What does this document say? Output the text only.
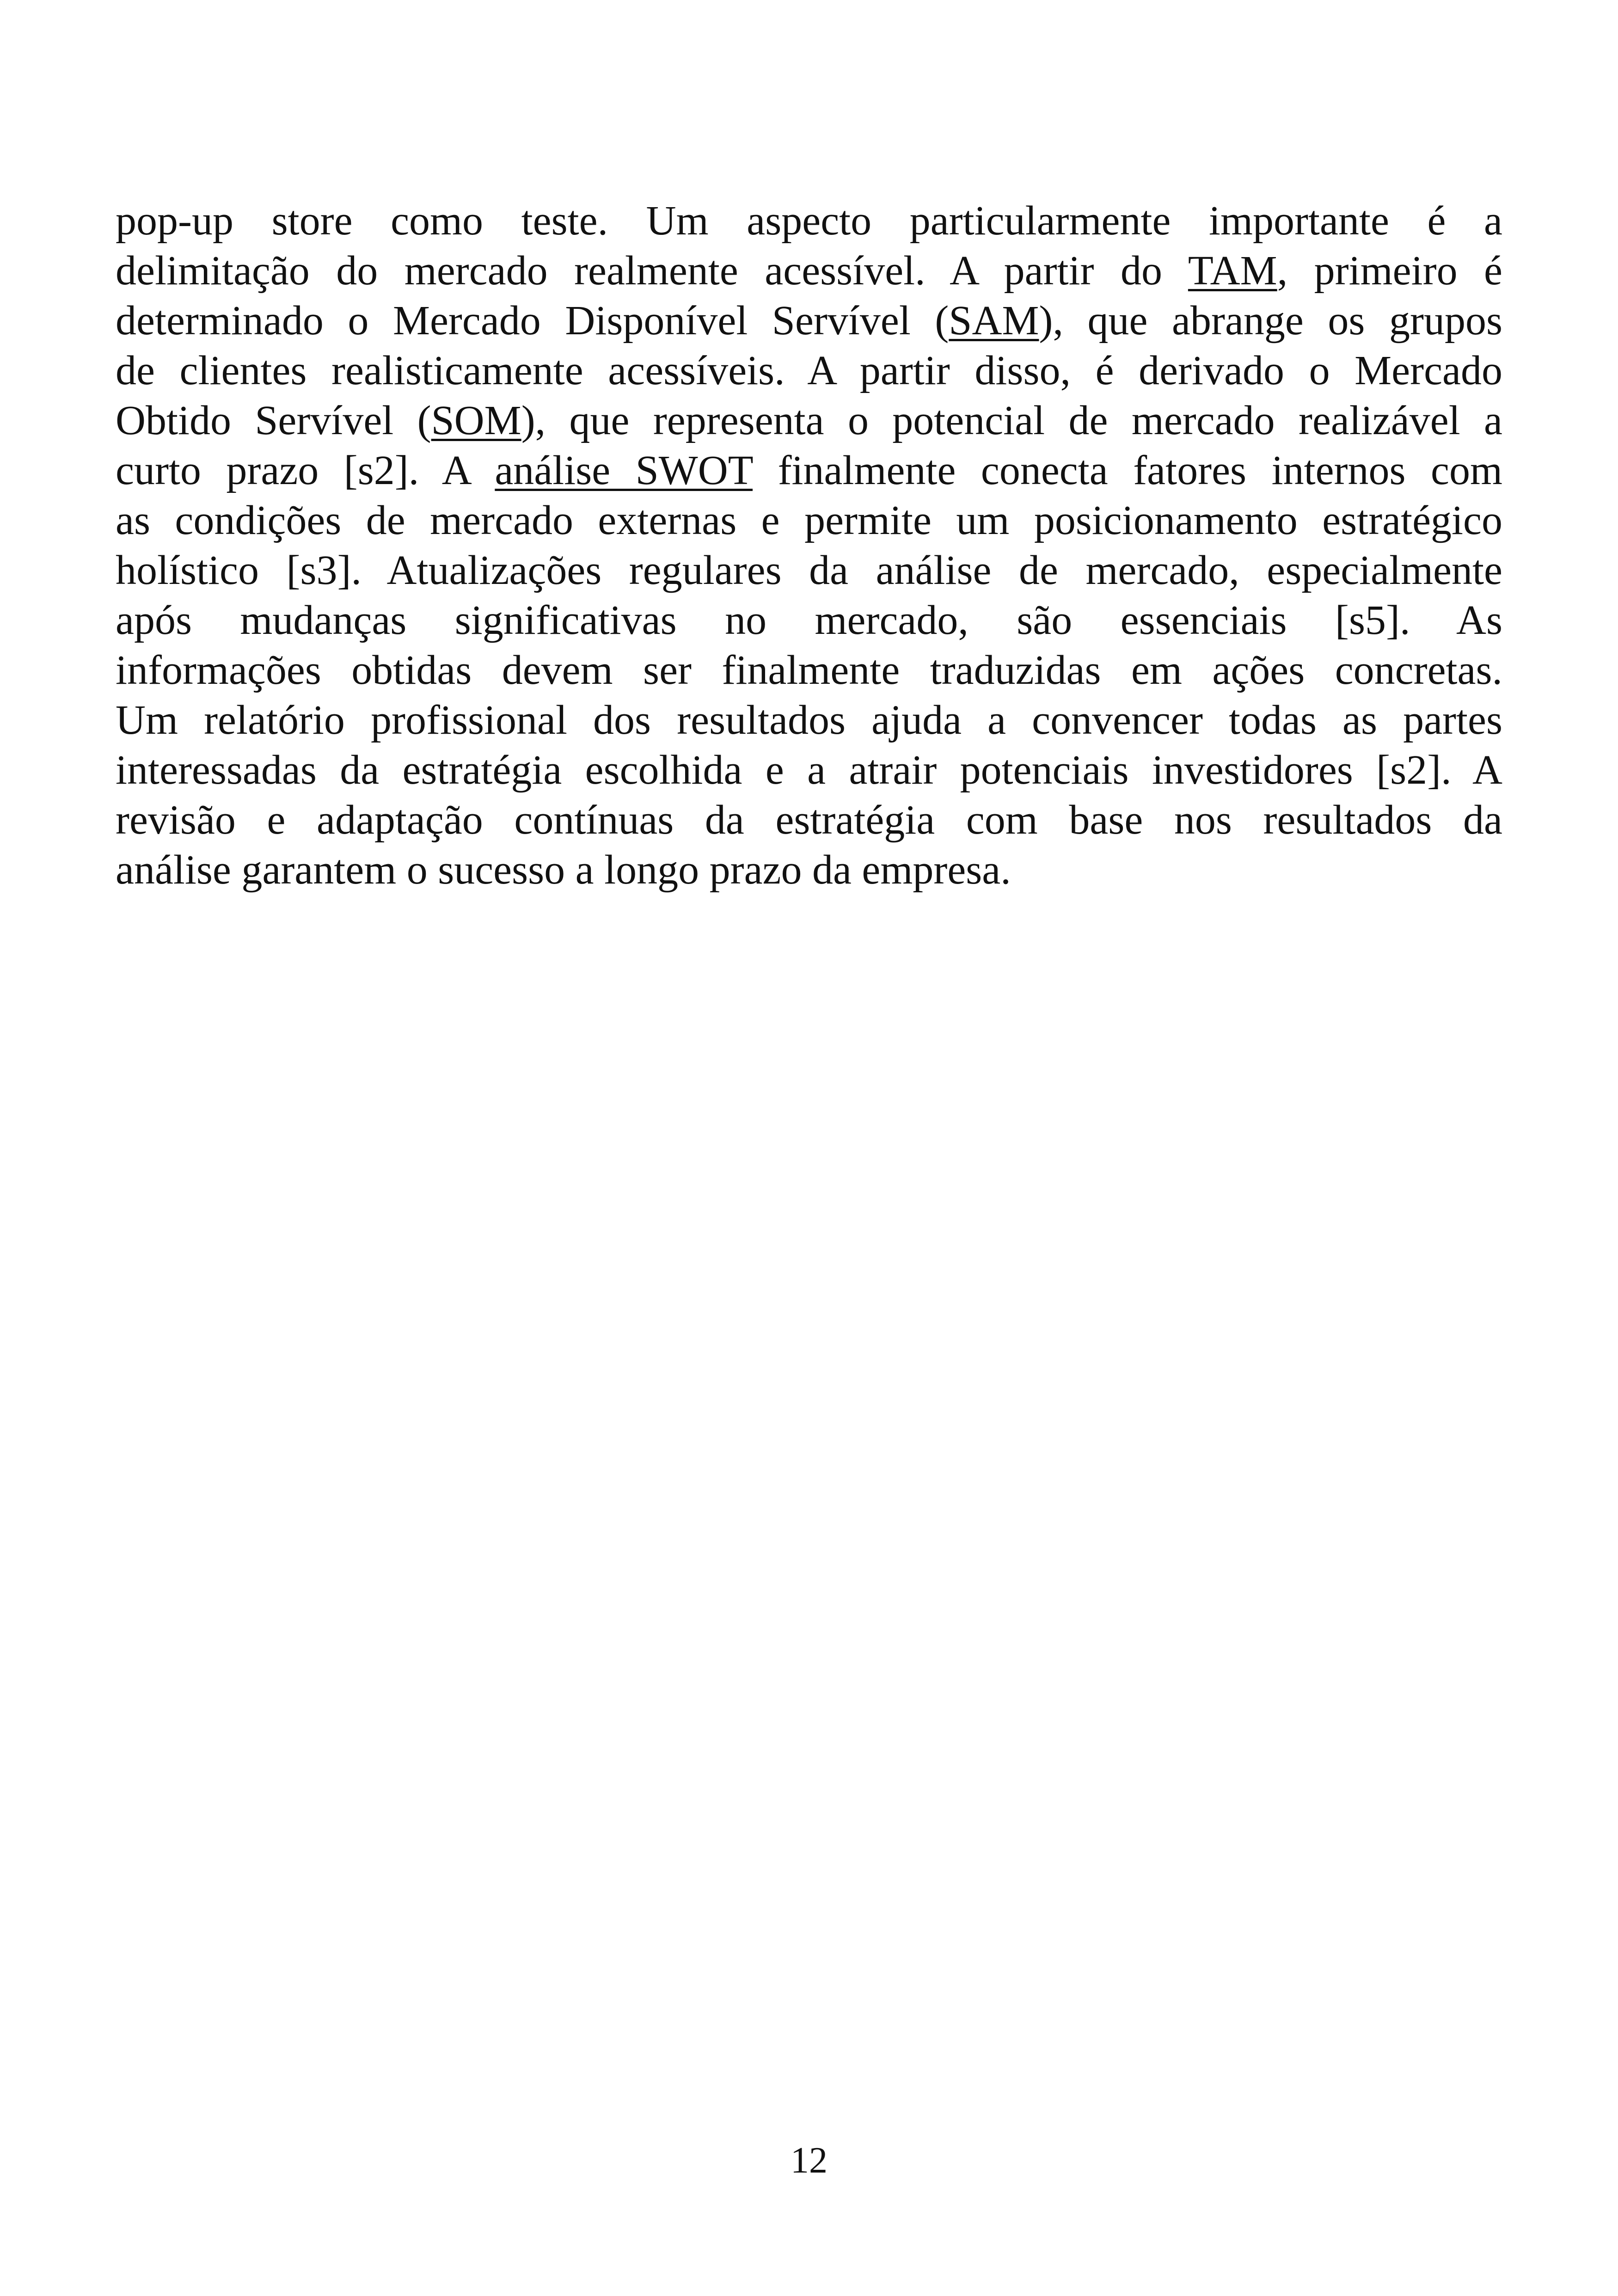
pop-up store como teste. Um aspecto particularmente importante é a
delimitação do mercado realmente acessível. A partir do TAM, primeiro é
determinado o Mercado Disponível Servível (SAM), que abrange os grupos
de clientes realisticamente acessíveis. A partir disso, é derivado o Mercado
Obtido Servível (SOM), que representa o potencial de mercado realizável a
curto prazo [s2]. A análise SWOT finalmente conecta fatores internos com
as condições de mercado externas e permite um posicionamento estratégico
holístico [s3]. Atualizações regulares da análise de mercado, especialmente
após mudanças significativas no mercado, são essenciais [s5]. As
informações obtidas devem ser finalmente traduzidas em ações concretas.
Um relatório profissional dos resultados ajuda a convencer todas as partes
interessadas da estratégia escolhida e a atrair potenciais investidores [s2]. A
revisão e adaptação contínuas da estratégia com base nos resultados da
análise garantem o sucesso a longo prazo da empresa.

12
